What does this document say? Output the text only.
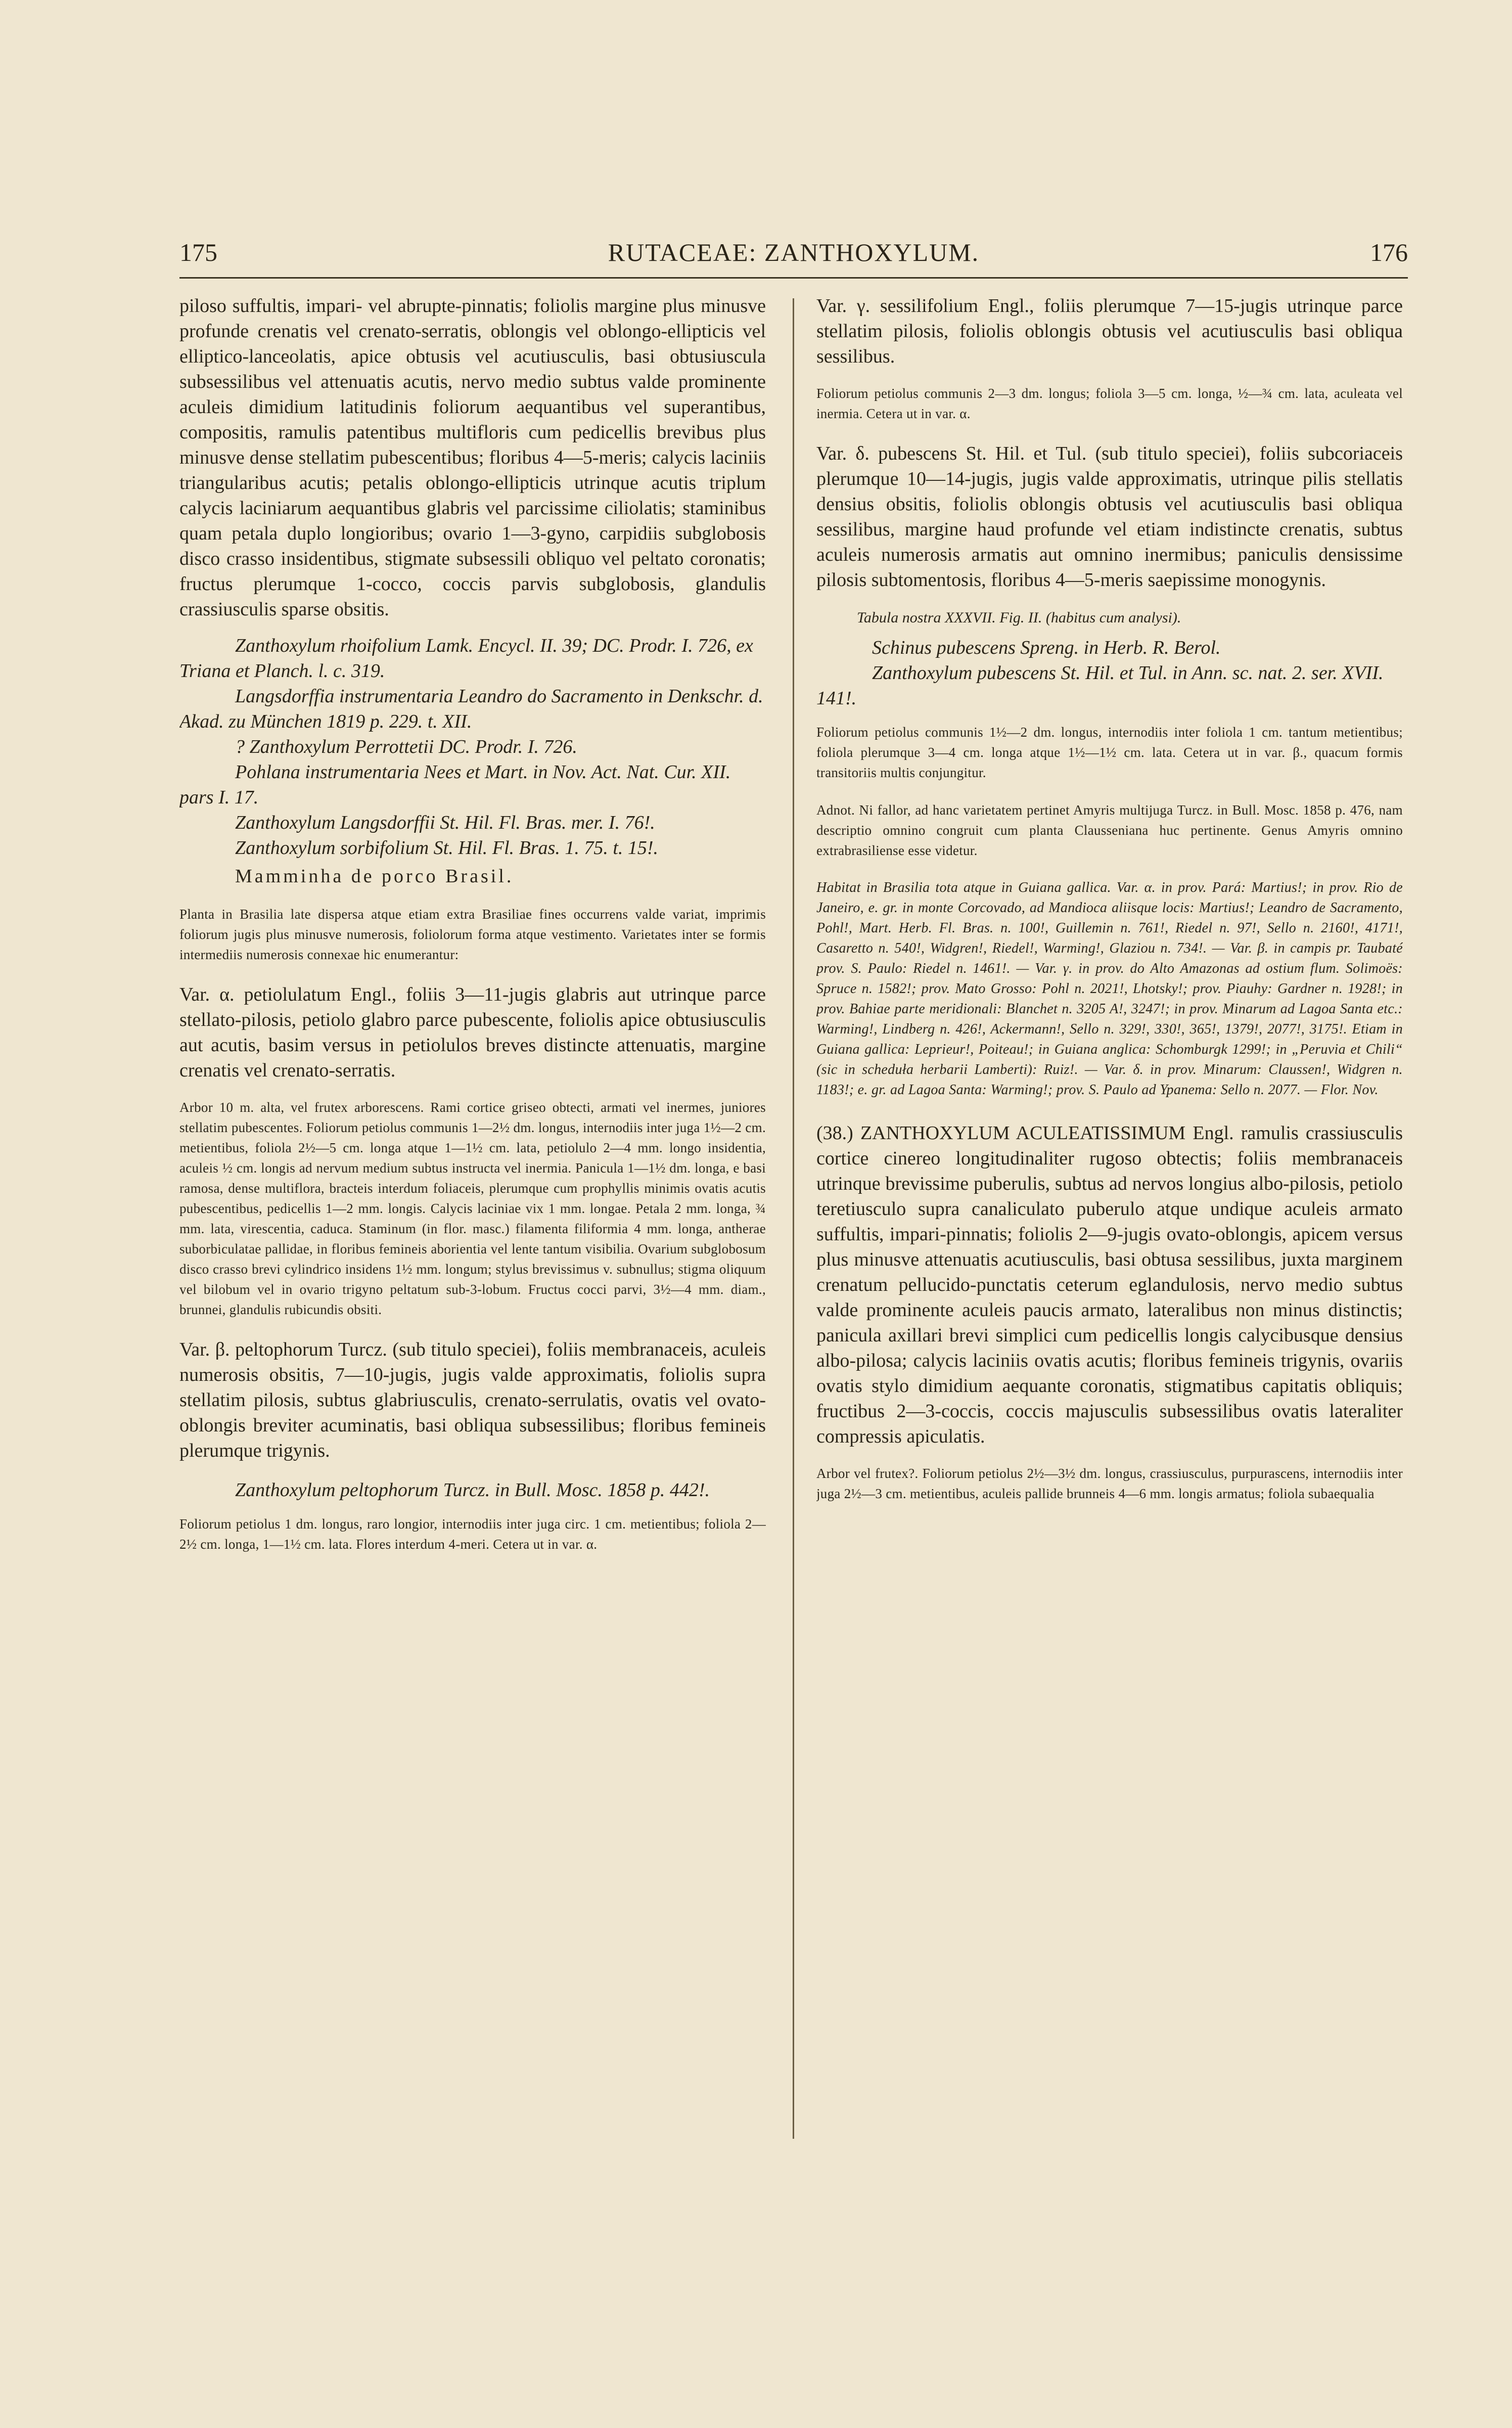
175	RUTACEAE: ZANTHOXYLUM.	176

piloso suffultis, impari- vel abrupte-pinnatis; foliolis margine plus minusve profunde crenatis vel crenato-serratis, oblongis vel oblongo-ellipticis vel elliptico-lanceolatis, apice obtusis vel acutiusculis, basi obtusiuscula subsessilibus vel attenuatis acutis, nervo medio subtus valde prominente aculeis dimidium latitudinis foliorum aequantibus vel superantibus, compositis, ramulis patentibus multifloris cum pedicellis brevibus plus minusve dense stellatim pubescentibus; floribus 4—5-meris; calycis laciniis triangularibus acutis; petalis oblongo-ellipticis utrinque acutis triplum calycis laciniarum aequantibus glabris vel parcissime ciliolatis; staminibus quam petala duplo longioribus; ovario 1—3-gyno, carpidiis subglobosis disco crasso insidentibus, stigmate subsessili obliquo vel peltato coronatis; fructus plerumque 1-cocco, coccis parvis subglobosis, glandulis crassiusculis sparse obsitis.

Zanthoxylum rhoifolium Lamk. Encycl. II. 39; DC. Prodr. I. 726, ex Triana et Planch. l. c. 319.
Langsdorffia instrumentaria Leandro do Sacramento in Denkschr. d. Akad. zu München 1819 p. 229. t. XII.
? Zanthoxylum Perrottetii DC. Prodr. I. 726.
Pohlana instrumentaria Nees et Mart. in Nov. Act. Nat. Cur. XII. pars I. 17.
Zanthoxylum Langsdorffii St. Hil. Fl. Bras. mer. I. 76!.
Zanthoxylum sorbifolium St. Hil. Fl. Bras. 1. 75. t. 15!.
Mamminha de porco Brasil.

Planta in Brasilia late dispersa atque etiam extra Brasiliae fines occurrens valde variat, imprimis foliorum jugis plus minusve numerosis, foliolorum forma atque vestimento. Varietates inter se formis intermediis numerosis connexae hic enumerantur:

Var. α. petiolulatum Engl., foliis 3—11-jugis glabris aut utrinque parce stellato-pilosis, petiolo glabro parce pubescente, foliolis apice obtusiusculis aut acutis, basim versus in petiolulos breves distincte attenuatis, margine crenatis vel crenato-serratis.

Arbor 10 m. alta, vel frutex arborescens. Rami cortice griseo obtecti, armati vel inermes, juniores stellatim pubescentes. Foliorum petiolus communis 1—2½ dm. longus, internodiis inter juga 1½—2 cm. metientibus, foliola 2½—5 cm. longa atque 1—1½ cm. lata, petiolulo 2—4 mm. longo insidentia, aculeis ½ cm. longis ad nervum medium subtus instructa vel inermia. Panicula 1—1½ dm. longa, e basi ramosa, dense multiflora, bracteis interdum foliaceis, plerumque cum prophyllis minimis ovatis acutis pubescentibus, pedicellis 1—2 mm. longis. Calycis laciniae vix 1 mm. longae. Petala 2 mm. longa, ¾ mm. lata, virescentia, caduca. Staminum (in flor. masc.) filamenta filiformia 4 mm. longa, antherae suborbiculatae pallidae, in floribus femineis aborientia vel lente tantum visibilia. Ovarium subglobosum disco crasso brevi cylindrico insidens 1½ mm. longum; stylus brevissimus v. subnullus; stigma oliquum vel bilobum vel in ovario trigyno peltatum sub-3-lobum. Fructus cocci parvi, 3½—4 mm. diam., brunnei, glandulis rubicundis obsiti.

Var. β. peltophorum Turcz. (sub titulo speciei), foliis membranaceis, aculeis numerosis obsitis, 7—10-jugis, jugis valde approximatis, foliolis supra stellatim pilosis, subtus glabriusculis, crenato-serrulatis, ovatis vel ovato-oblongis breviter acuminatis, basi obliqua subsessilibus; floribus femineis plerumque trigynis.

Zanthoxylum peltophorum Turcz. in Bull. Mosc. 1858 p. 442!.

Foliorum petiolus 1 dm. longus, raro longior, internodiis inter juga circ. 1 cm. metientibus; foliola 2—2½ cm. longa, 1—1½ cm. lata. Flores interdum 4-meri. Cetera ut in var. α.

Var. γ. sessilifolium Engl., foliis plerumque 7—15-jugis utrinque parce stellatim pilosis, foliolis oblongis obtusis vel acutiusculis basi obliqua sessilibus.

Foliorum petiolus communis 2—3 dm. longus; foliola 3—5 cm. longa, ½—¾ cm. lata, aculeata vel inermia. Cetera ut in var. α.

Var. δ. pubescens St. Hil. et Tul. (sub titulo speciei), foliis subcoriaceis plerumque 10—14-jugis, jugis valde approximatis, utrinque pilis stellatis densius obsitis, foliolis oblongis obtusis vel acutiusculis basi obliqua sessilibus, margine haud profunde vel etiam indistincte crenatis, subtus aculeis numerosis armatis aut omnino inermibus; paniculis densissime pilosis subtomentosis, floribus 4—5-meris saepissime monogynis.

Tabula nostra XXXVII. Fig. II. (habitus cum analysi).
Schinus pubescens Spreng. in Herb. R. Berol.
Zanthoxylum pubescens St. Hil. et Tul. in Ann. sc. nat. 2. ser. XVII. 141!.

Foliorum petiolus communis 1½—2 dm. longus, internodiis inter foliola 1 cm. tantum metientibus; foliola plerumque 3—4 cm. longa atque 1½—1½ cm. lata. Cetera ut in var. β., quacum formis transitoriis multis conjungitur.

Adnot. Ni fallor, ad hanc varietatem pertinet Amyris multijuga Turcz. in Bull. Mosc. 1858 p. 476, nam descriptio omnino congruit cum planta Clausseniana huc pertinente. Genus Amyris omnino extrabrasiliense esse videtur.

Habitat in Brasilia tota atque in Guiana gallica. Var. α. in prov. Pará: Martius!; in prov. Rio de Janeiro, e. gr. in monte Corcovado, ad Mandioca aliisque locis: Martius!; Leandro de Sacramento, Pohl!, Mart. Herb. Fl. Bras. n. 100!, Guillemin n. 761!, Riedel n. 97!, Sello n. 2160!, 4171!, Casaretto n. 540!, Widgren!, Riedel!, Warming!, Glaziou n. 734!. — Var. β. in campis pr. Taubaté prov. S. Paulo: Riedel n. 1461!. — Var. γ. in prov. do Alto Amazonas ad ostium flum. Solimoës: Spruce n. 1582!; prov. Mato Grosso: Pohl n. 2021!, Lhotsky!; prov. Piauhy: Gardner n. 1928!; in prov. Bahiae parte meridionali: Blanchet n. 3205 A!, 3247!; in prov. Minarum ad Lagoa Santa etc.: Warming!, Lindberg n. 426!, Ackermann!, Sello n. 329!, 330!, 365!, 1379!, 2077!, 3175!. Etiam in Guiana gallica: Leprieur!, Poiteau!; in Guiana anglica: Schomburgk 1299!; in „Peruvia et Chili“ (sic in scheduła herbarii Lamberti): Ruiz!. — Var. δ. in prov. Minarum: Claussen!, Widgren n. 1183!; e. gr. ad Lagoa Santa: Warming!; prov. S. Paulo ad Ypanema: Sello n. 2077. — Flor. Nov.

(38.) ZANTHOXYLUM ACULEATISSIMUM Engl. ramulis crassiusculis cortice cinereo longitudinaliter rugoso obtectis; foliis membranaceis utrinque brevissime puberulis, subtus ad nervos longius albo-pilosis, petiolo teretiusculo supra canaliculato puberulo atque undique aculeis armato suffultis, impari-pinnatis; foliolis 2—9-jugis ovato-oblongis, apicem versus plus minusve attenuatis acutiusculis, basi obtusa sessilibus, juxta marginem crenatum pellucido-punctatis ceterum eglandulosis, nervo medio subtus valde prominente aculeis paucis armato, lateralibus non minus distinctis; panicula axillari brevi simplici cum pedicellis longis calycibusque densius albo-pilosa; calycis laciniis ovatis acutis; floribus femineis trigynis, ovariis ovatis stylo dimidium aequante coronatis, stigmatibus capitatis obliquis; fructibus 2—3-coccis, coccis majusculis subsessilibus ovatis lateraliter compressis apiculatis.

Arbor vel frutex?. Foliorum petiolus 2½—3½ dm. longus, crassiusculus, purpurascens, internodiis inter juga 2½—3 cm. metientibus, aculeis pallide brunneis 4—6 mm. longis armatus; foliola subaequalia
